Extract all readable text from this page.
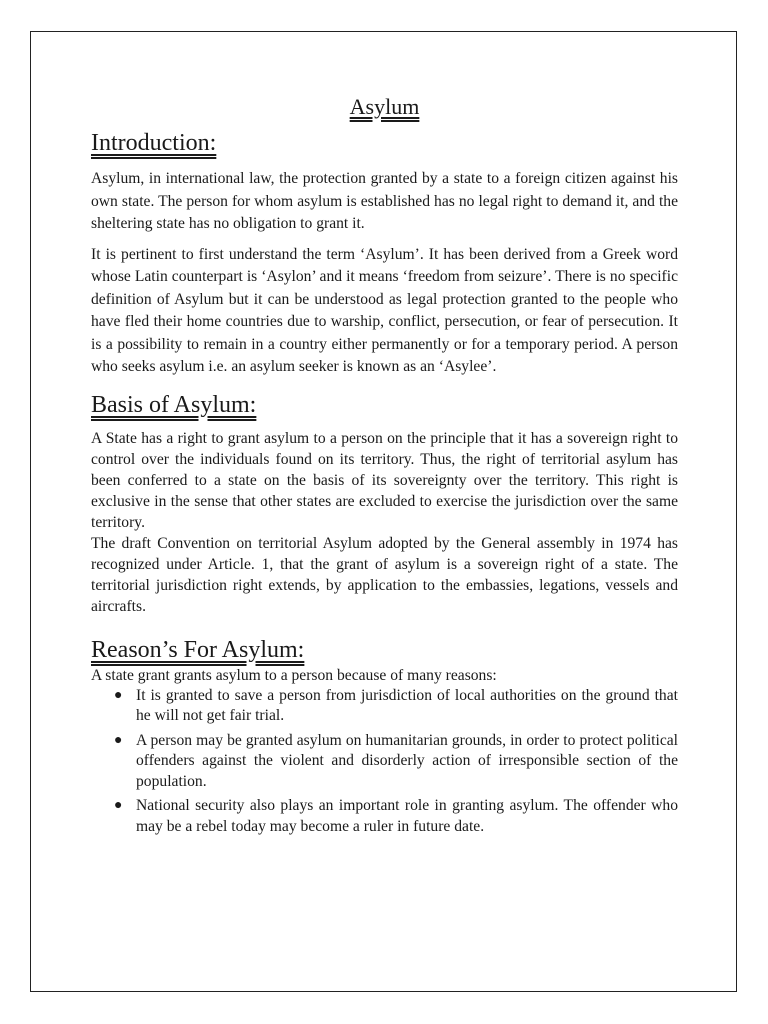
Asylum
Introduction:

Asylum, in international law, the protection granted by a state to a foreign citizen against his own state. The person for whom asylum is established has no legal right to demand it, and the sheltering state has no obligation to grant it.

It is pertinent to first understand the term ‘Asylum’. It has been derived from a Greek word whose Latin counterpart is ‘Asylon’ and it means ‘freedom from seizure’. There is no specific definition of Asylum but it can be understood as legal protection granted to the people who have fled their home countries due to warship, conflict, persecution, or fear of persecution. It is a possibility to remain in a country either permanently or for a temporary period. A person who seeks asylum i.e. an asylum seeker is known as an ‘Asylee’.

Basis of Asylum:

A State has a right to grant asylum to a person on the principle that it has a sovereign right to control over the individuals found on its territory. Thus, the right of territorial asylum has been conferred to a state on the basis of its sovereignty over the territory. This right is exclusive in the sense that other states are excluded to exercise the jurisdiction over the same territory.

The draft Convention on territorial Asylum adopted by the General assembly in 1974 has recognized under Article. 1, that the grant of asylum is a sovereign right of a state. The territorial jurisdiction right extends, by application to the embassies, legations, vessels and aircrafts.

Reason’s For Asylum:

A state grant grants asylum to a person because of many reasons:

● It is granted to save a person from jurisdiction of local authorities on the ground that he will not get fair trial.
● A person may be granted asylum on humanitarian grounds, in order to protect political offenders against the violent and disorderly action of irresponsible section of the population.
● National security also plays an important role in granting asylum. The offender who may be a rebel today may become a ruler in future date.
